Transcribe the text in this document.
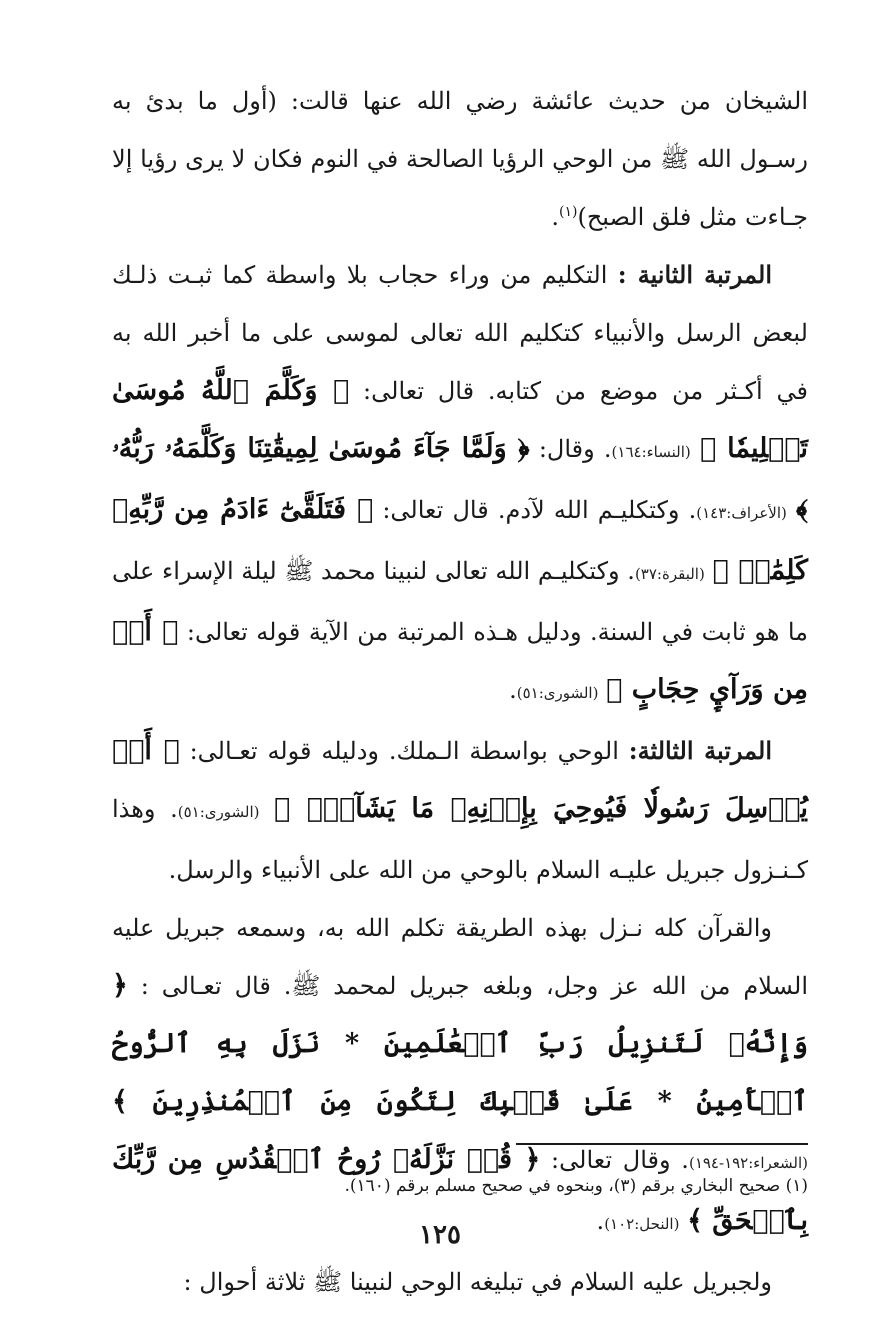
الشيخان من حديث عائشة رضي الله عنها قالت: (أول ما بدئ به رسـول الله ﷺ من الوحي الرؤيا الصالحة في النوم فكان لا يرى رؤيا إلا جـاءت مثل فلق الصبح)$^{(١)}$.

المرتبة الثانية : التكليم من وراء حجاب بلا واسطة كما ثبـت ذلـك لبعض الرسل والأنبياء كتكليم الله تعالى لموسى على ما أخبر الله به في أكـثر من موضع من كتابه. قال تعالى: ﴿ وَكَلَّمَ ٱللَّهُ مُوسَىٰ تَكۡلِيمٗا ﴾ (النساء:١٦٤). وقال: ﴿ وَلَمَّا جَآءَ مُوسَىٰ لِمِيقَٰتِنَا وَكَلَّمَهُۥ رَبُّهُۥ ﴾ (الأعراف:١٤٣). وكتكليـم الله لآدم. قال تعالى: ﴿ فَتَلَقَّىٰٓ ءَادَمُ مِن رَّبِّهِۦ كَلِمَٰتٖ ﴾ (البقرة:٣٧). وكتكليـم الله تعالى لنبينا محمد ﷺ ليلة الإسراء على ما هو ثابت في السنة. ودليل هـذه المرتبة من الآية قوله تعالى: ﴿ أَوۡ مِن وَرَآيِٕ حِجَابٍ ﴾ (الشورى:٥١).

المرتبة الثالثة: الوحي بواسطة الـملك. ودليله قوله تعـالى: ﴿ أَوۡ يُرۡسِلَ رَسُولٗا فَيُوحِيَ بِإِذۡنِهِۦ مَا يَشَآءُۚ ﴾ (الشورى:٥١). وهذا كـنـزول جبريل عليـه السلام بالوحي من الله على الأنبياء والرسل.

والقرآن كله نـزل بهذه الطريقة تكلم الله به، وسمعه جبريل عليه السلام من الله عز وجل، وبلغه جبريل لمحمد ﷺ. قال تعـالى : ﴿ وَإِنَّهُۥ لَتَنزِيلُ رَبِّ ٱلۡعَٰلَمِينَ * نَزَلَ بِهِ ٱلرُّوحُ ٱلۡأَمِينُ * عَلَىٰ قَلۡبِكَ لِتَكُونَ مِنَ ٱلۡمُنذِرِينَ ﴾ (الشعراء:١٩٢-١٩٤). وقال تعالى: ﴿ قُلۡ نَزَّلَهُۥ رُوحُ ٱلۡقُدُسِ مِن رَّبِّكَ بِٱلۡحَقِّ ﴾ (النحل:١٠٢).

ولجبريل عليه السلام في تبليغه الوحي لنبينا ﷺ ثلاثة أحوال :

(١) صحيح البخاري برقم (٣)، وبنحوه في صحيح مسلم برقم (١٦٠).
١٢٥
